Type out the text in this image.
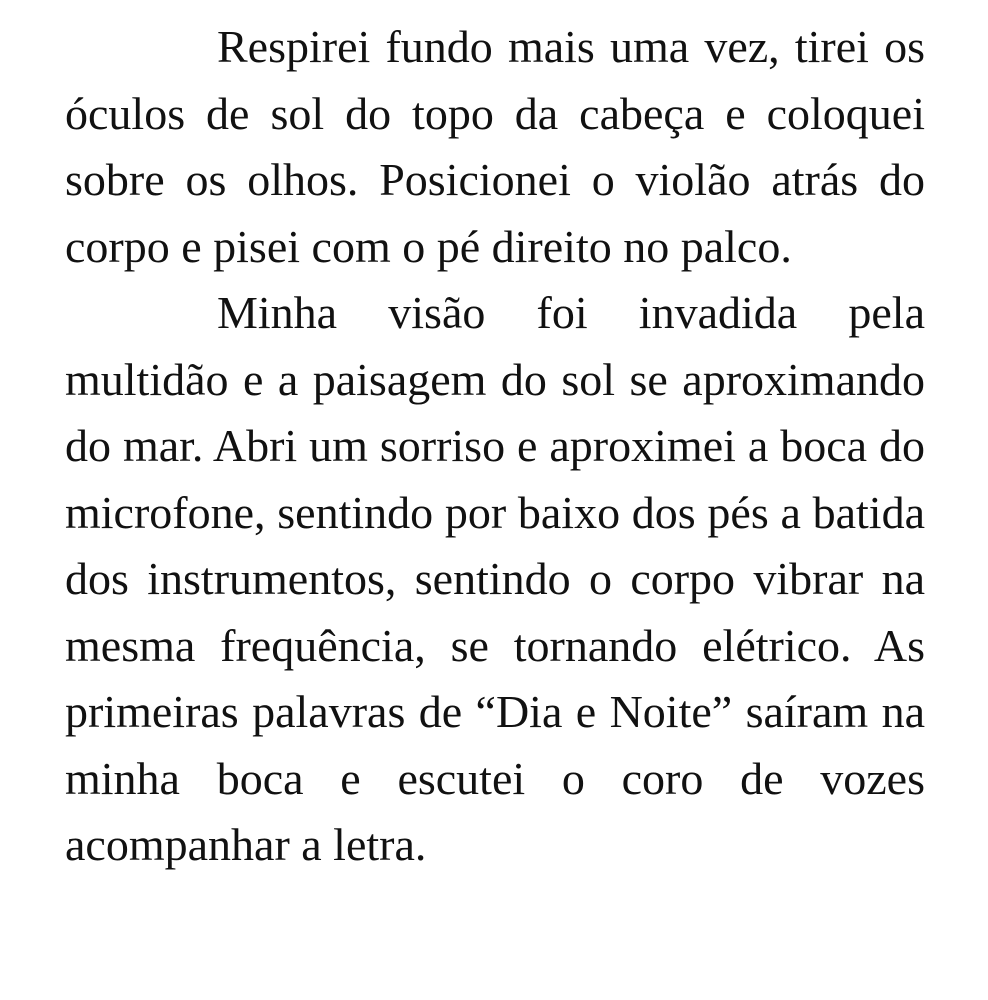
Respirei fundo mais uma vez, tirei os óculos de sol do topo da cabeça e coloquei sobre os olhos. Posicionei o violão atrás do corpo e pisei com o pé direito no palco.

Minha visão foi invadida pela multidão e a paisagem do sol se aproximando do mar. Abri um sorriso e aproximei a boca do microfone, sentindo por baixo dos pés a batida dos instrumentos, sentindo o corpo vibrar na mesma frequência, se tornando elétrico. As primeiras palavras de “Dia e Noite” saíram na minha boca e escutei o coro de vozes acompanhar a letra.
